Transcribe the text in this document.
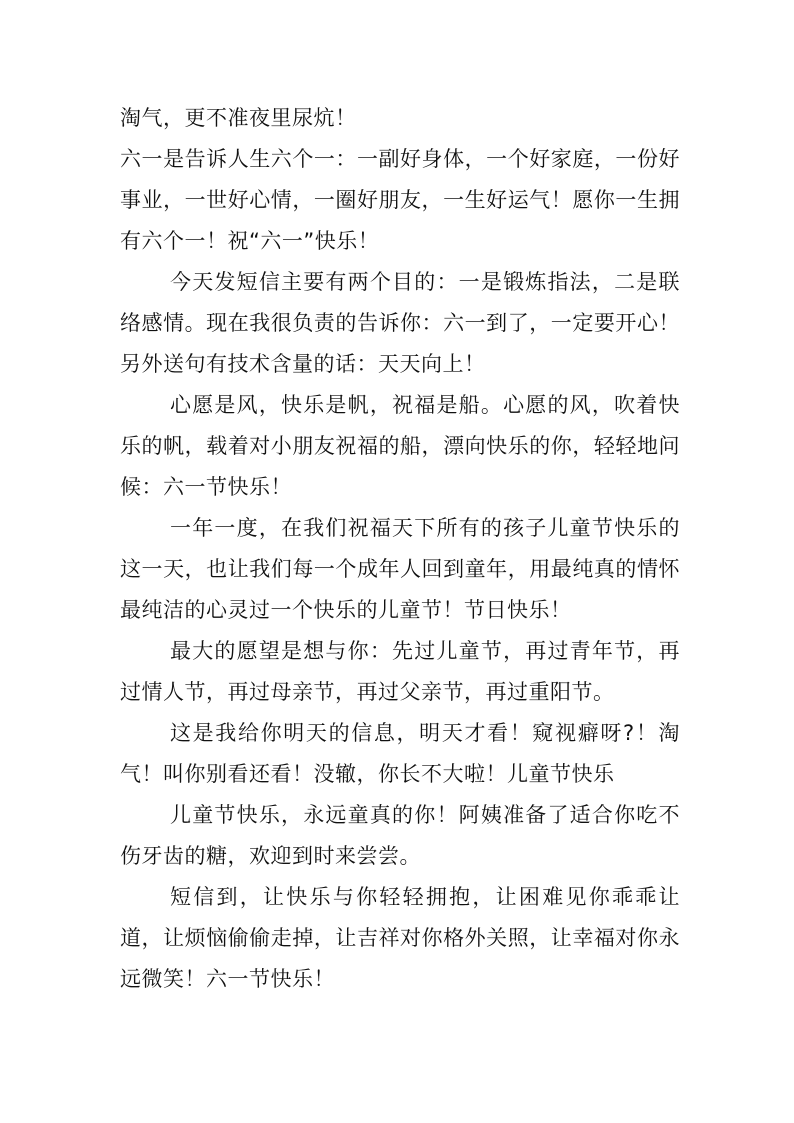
淘气，更不准夜里尿炕！

六一是告诉人生六个一：一副好身体，一个好家庭，一份好事业，一世好心情，一圈好朋友，一生好运气！愿你一生拥有六个一！祝“六一”快乐！

今天发短信主要有两个目的：一是锻炼指法，二是联络感情。现在我很负责的告诉你：六一到了，一定要开心！另外送句有技术含量的话：天天向上！

心愿是风，快乐是帆，祝福是船。心愿的风，吹着快乐的帆，载着对小朋友祝福的船，漂向快乐的你，轻轻地问候：六一节快乐！

一年一度，在我们祝福天下所有的孩子儿童节快乐的这一天，也让我们每一个成年人回到童年，用最纯真的情怀最纯洁的心灵过一个快乐的儿童节！节日快乐！

最大的愿望是想与你：先过儿童节，再过青年节，再过情人节，再过母亲节，再过父亲节，再过重阳节。

这是我给你明天的信息，明天才看！窥视癖呀?！淘气！叫你别看还看！没辙，你长不大啦！儿童节快乐

儿童节快乐，永远童真的你！阿姨准备了适合你吃不伤牙齿的糖，欢迎到时来尝尝。

短信到，让快乐与你轻轻拥抱，让困难见你乖乖让道，让烦恼偷偷走掉，让吉祥对你格外关照，让幸福对你永远微笑！六一节快乐！
